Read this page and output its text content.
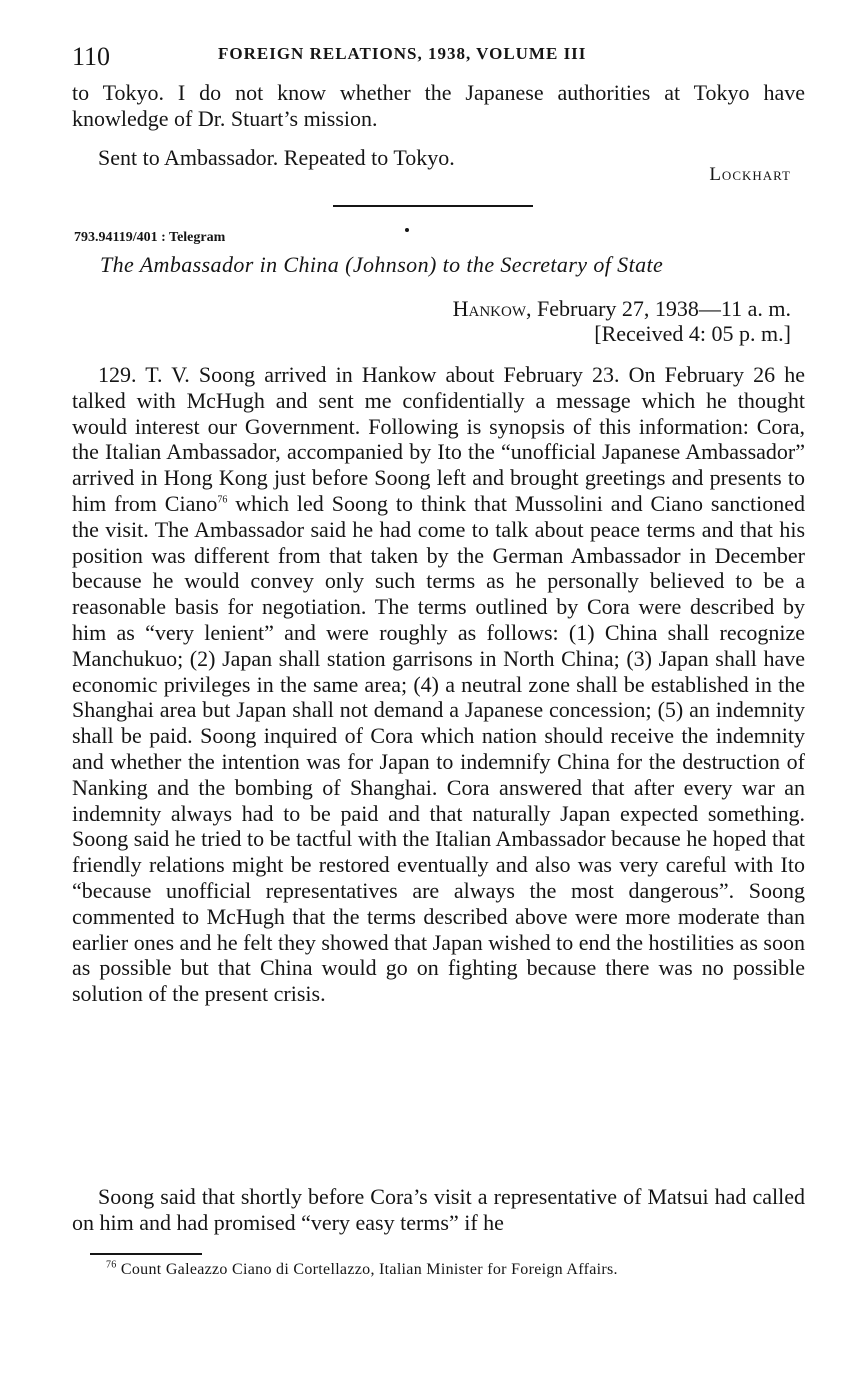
110	FOREIGN RELATIONS, 1938, VOLUME III

to Tokyo. I do not know whether the Japanese authorities at Tokyo have knowledge of Dr. Stuart’s mission.

Sent to Ambassador. Repeated to Tokyo.

Lockhart
793.94119/401 : Telegram
The Ambassador in China (Johnson) to the Secretary of State
Hankow, February 27, 1938—11 a. m.
[Received 4: 05 p. m.]

129. T. V. Soong arrived in Hankow about February 23. On February 26 he talked with McHugh and sent me confidentially a message which he thought would interest our Government. Following is synopsis of this information: Cora, the Italian Ambassador, accompanied by Ito the “unofficial Japanese Ambassador” arrived in Hong Kong just before Soong left and brought greetings and presents to him from Ciano$^{76}$ which led Soong to think that Mussolini and Ciano sanctioned the visit. The Ambassador said he had come to talk about peace terms and that his position was different from that taken by the German Ambassador in December because he would convey only such terms as he personally believed to be a reasonable basis for negotiation. The terms outlined by Cora were described by him as “very lenient” and were roughly as follows: (1) China shall recognize Manchukuo; (2) Japan shall station garrisons in North China; (3) Japan shall have economic privileges in the same area; (4) a neutral zone shall be established in the Shanghai area but Japan shall not demand a Japanese concession; (5) an indemnity shall be paid. Soong inquired of Cora which nation should receive the indemnity and whether the intention was for Japan to indemnify China for the destruction of Nanking and the bombing of Shanghai. Cora answered that after every war an indemnity always had to be paid and that naturally Japan expected something. Soong said he tried to be tactful with the Italian Ambassador because he hoped that friendly relations might be restored eventually and also was very careful with Ito “because unofficial representatives are always the most dangerous”. Soong commented to McHugh that the terms described above were more moderate than earlier ones and he felt they showed that Japan wished to end the hostilities as soon as possible but that China would go on fighting because there was no possible solution of the present crisis.

Soong said that shortly before Cora’s visit a representative of Matsui had called on him and had promised “very easy terms” if he

$^{76}$ Count Galeazzo Ciano di Cortellazzo, Italian Minister for Foreign Affairs.
